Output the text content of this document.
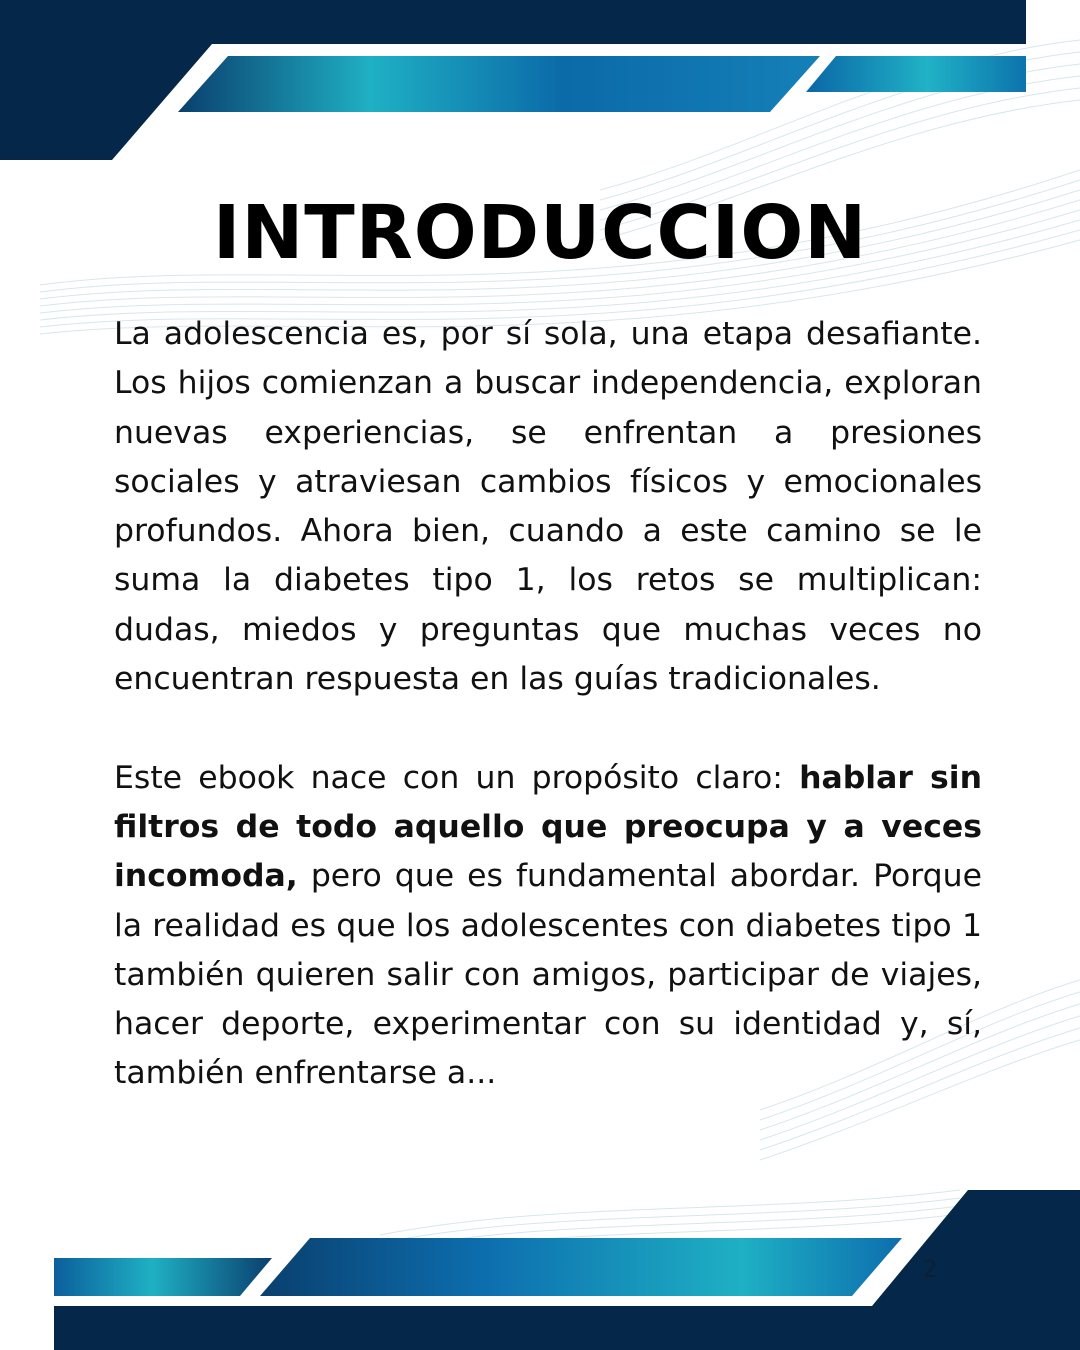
INTRODUCCION

La adolescencia es, por sí sola, una etapa desafiante. Los hijos comienzan a buscar independencia, exploran nuevas experiencias, se enfrentan a presiones sociales y atraviesan cambios físicos y emocionales profundos. Ahora bien, cuando a este camino se le suma la diabetes tipo 1, los retos se multiplican: dudas, miedos y preguntas que muchas veces no encuentran respuesta en las guías tradicionales.

Este ebook nace con un propósito claro: hablar sin filtros de todo aquello que preocupa y a veces incomoda, pero que es fundamental abordar. Porque la realidad es que los adolescentes con diabetes tipo 1 también quieren salir con amigos, participar de viajes, hacer deporte, experimentar con su identidad y, sí, también enfrentarse a...

2
